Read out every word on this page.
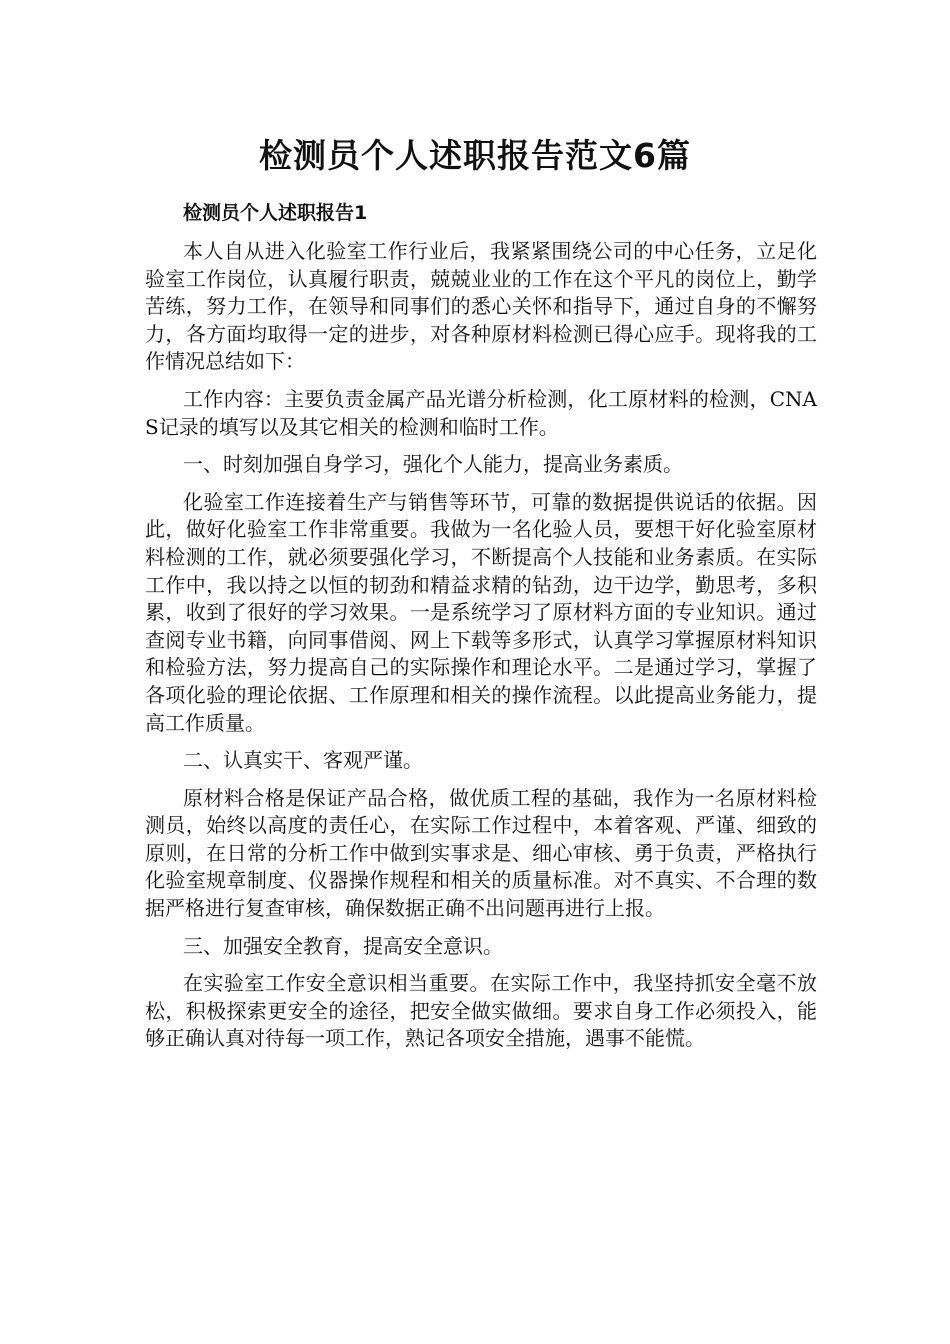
检测员个人述职报告范文6篇
检测员个人述职报告1

本人自从进入化验室工作行业后，我紧紧围绕公司的中心任务，立足化验室工作岗位，认真履行职责，兢兢业业的工作在这个平凡的岗位上，勤学苦练，努力工作，在领导和同事们的悉心关怀和指导下，通过自身的不懈努力，各方面均取得一定的进步，对各种原材料检测已得心应手。现将我的工作情况总结如下：

工作内容：主要负责金属产品光谱分析检测，化工原材料的检测，CNAS记录的填写以及其它相关的检测和临时工作。

一、时刻加强自身学习，强化个人能力，提高业务素质。

化验室工作连接着生产与销售等环节，可靠的数据提供说话的依据。因此，做好化验室工作非常重要。我做为一名化验人员，要想干好化验室原材料检测的工作，就必须要强化学习，不断提高个人技能和业务素质。在实际工作中，我以持之以恒的韧劲和精益求精的钻劲，边干边学，勤思考，多积累，收到了很好的学习效果。一是系统学习了原材料方面的专业知识。通过查阅专业书籍，向同事借阅、网上下载等多形式，认真学习掌握原材料知识和检验方法，努力提高自己的实际操作和理论水平。二是通过学习，掌握了各项化验的理论依据、工作原理和相关的操作流程。以此提高业务能力，提高工作质量。

二、认真实干、客观严谨。

原材料合格是保证产品合格，做优质工程的基础，我作为一名原材料检测员，始终以高度的责任心，在实际工作过程中，本着客观、严谨、细致的原则，在日常的分析工作中做到实事求是、细心审核、勇于负责，严格执行化验室规章制度、仪器操作规程和相关的质量标准。对不真实、不合理的数据严格进行复查审核，确保数据正确不出问题再进行上报。

三、加强安全教育，提高安全意识。

在实验室工作安全意识相当重要。在实际工作中，我坚持抓安全毫不放松，积极探索更安全的途径，把安全做实做细。要求自身工作必须投入，能够正确认真对待每一项工作，熟记各项安全措施，遇事不能慌。
